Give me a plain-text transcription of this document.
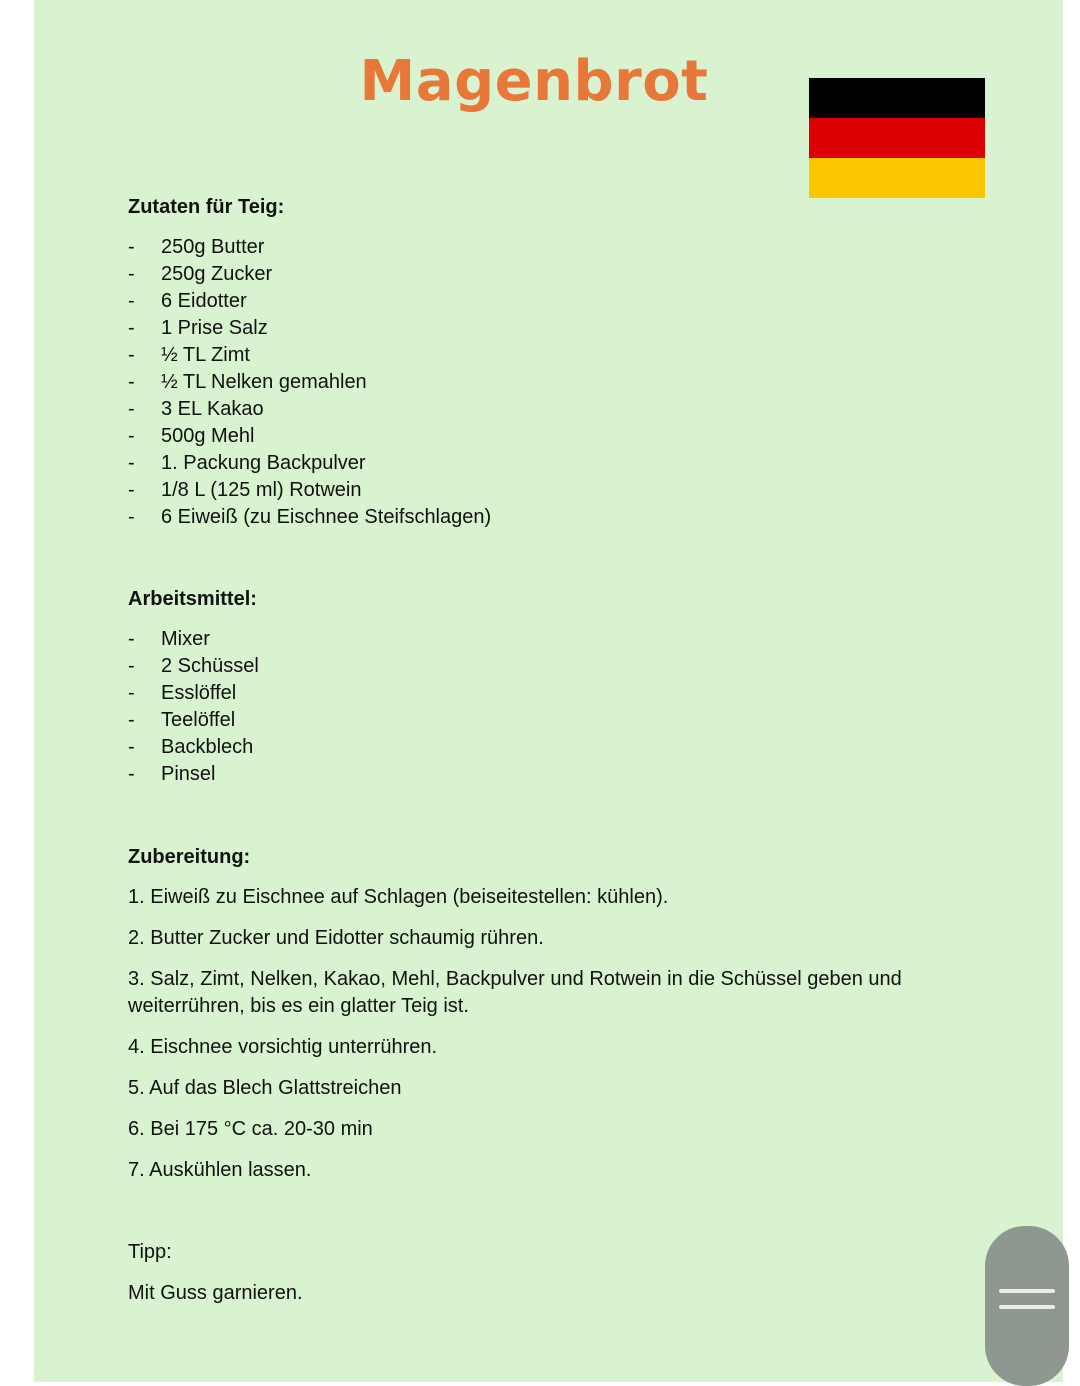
Magenbrot
Zutaten für Teig:
- 250g Butter
- 250g Zucker
- 6 Eidotter
- 1 Prise Salz
- ½ TL Zimt
- ½ TL Nelken gemahlen
- 3 EL Kakao
- 500g Mehl
- 1. Packung Backpulver
- 1/8 L (125 ml) Rotwein
- 6 Eiweiß (zu Eischnee Steifschlagen)
Arbeitsmittel:
- Mixer
- 2 Schüssel
- Esslöffel
- Teelöffel
- Backblech
- Pinsel
Zubereitung:
1. Eiweiß zu Eischnee auf Schlagen (beiseitestellen: kühlen).
2. Butter Zucker und Eidotter schaumig rühren.
3. Salz, Zimt, Nelken, Kakao, Mehl, Backpulver und Rotwein in die Schüssel geben und weiterrühren, bis es ein glatter Teig ist.
4. Eischnee vorsichtig unterrühren.
5. Auf das Blech Glattstreichen
6. Bei 175 °C ca. 20-30 min
7. Auskühlen lassen.
Tipp:
Mit Guss garnieren.
